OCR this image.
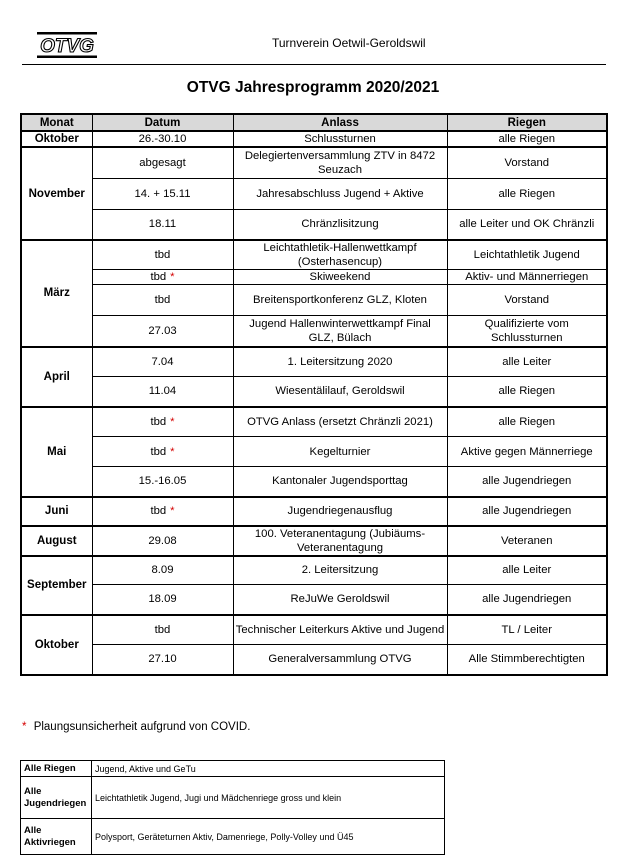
OTVG	Turnverein Oetwil-Geroldswil
OTVG Jahresprogramm 2020/2021
Monat	Datum	Anlass	Riegen
Oktober	26.-30.10	Schlussturnen	alle Riegen
November	abgesagt	Delegiertenversammlung ZTV in 8472 Seuzach	Vorstand
	14. + 15.11	Jahresabschluss Jugend + Aktive	alle Riegen
	18.11	Chränzlisitzung	alle Leiter und OK Chränzli
März	tbd	Leichtathletik-Hallenwettkampf (Osterhasencup)	Leichtathletik Jugend
	tbd *	Skiweekend	Aktiv- und Männerriegen
	tbd	Breitensportkonferenz GLZ, Kloten	Vorstand
	27.03	Jugend Hallenwinterwettkampf Final GLZ, Bülach	Qualifizierte vom Schlussturnen
April	7.04	1. Leitersitzung 2020	alle Leiter
	11.04	Wiesentälilauf, Geroldswil	alle Riegen
Mai	tbd *	OTVG Anlass (ersetzt Chränzli 2021)	alle Riegen
	tbd *	Kegelturnier	Aktive gegen Männerriege
	15.-16.05	Kantonaler Jugendsporttag	alle Jugendriegen
Juni	tbd *	Jugendriegenausflug	alle Jugendriegen
August	29.08	100. Veteranentagung (Jubiäums-Veteranentagung	Veteranen
September	8.09	2. Leitersitzung	alle Leiter
	18.09	ReJuWe Geroldswil	alle Jugendriegen
Oktober	tbd	Technischer Leiterkurs Aktive und Jugend	TL / Leiter
	27.10	Generalversammlung OTVG	Alle Stimmberechtigten
* Plaungsunsicherheit aufgrund von COVID.
Alle Riegen	Jugend, Aktive und GeTu
Alle Jugendriegen	Leichtathletik Jugend, Jugi und Mädchenriege gross und klein
Alle Aktivriegen	Polysport, Geräteturnen Aktiv, Damenriege, Polly-Volley und Ü45
